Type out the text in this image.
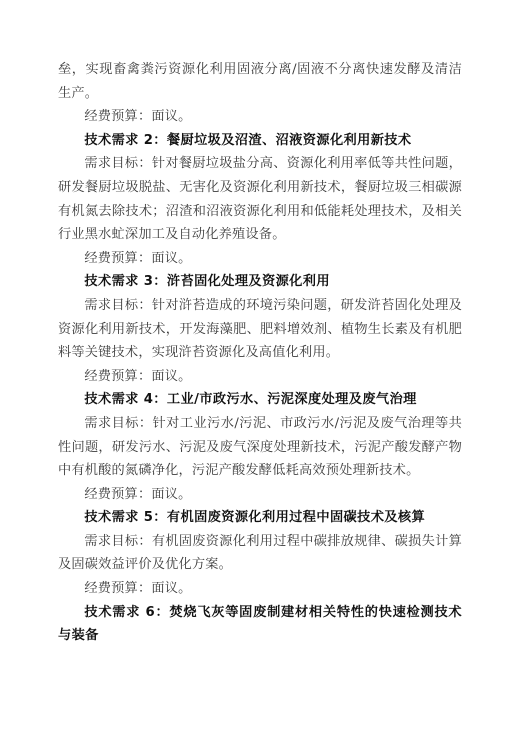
垒，实现畜禽粪污资源化利用固液分离/固液不分离快速发酵及清洁生产。

经费预算：面议。

技术需求 2：餐厨垃圾及沼渣、沼液资源化利用新技术

需求目标：针对餐厨垃圾盐分高、资源化利用率低等共性问题，研发餐厨垃圾脱盐、无害化及资源化利用新技术，餐厨垃圾三相碳源有机氮去除技术；沼渣和沼液资源化利用和低能耗处理技术，及相关行业黑水虻深加工及自动化养殖设备。

经费预算：面议。

技术需求 3：浒苔固化处理及资源化利用

需求目标：针对浒苔造成的环境污染问题，研发浒苔固化处理及资源化利用新技术，开发海藻肥、肥料增效剂、植物生长素及有机肥料等关键技术，实现浒苔资源化及高值化利用。

经费预算：面议。

技术需求 4：工业/市政污水、污泥深度处理及废气治理

需求目标：针对工业污水/污泥、市政污水/污泥及废气治理等共性问题，研发污水、污泥及废气深度处理新技术，污泥产酸发酵产物中有机酸的氮磷净化，污泥产酸发酵低耗高效预处理新技术。

经费预算：面议。

技术需求 5：有机固废资源化利用过程中固碳技术及核算

需求目标：有机固废资源化利用过程中碳排放规律、碳损失计算及固碳效益评价及优化方案。

经费预算：面议。

技术需求 6：焚烧飞灰等固废制建材相关特性的快速检测技术与装备
